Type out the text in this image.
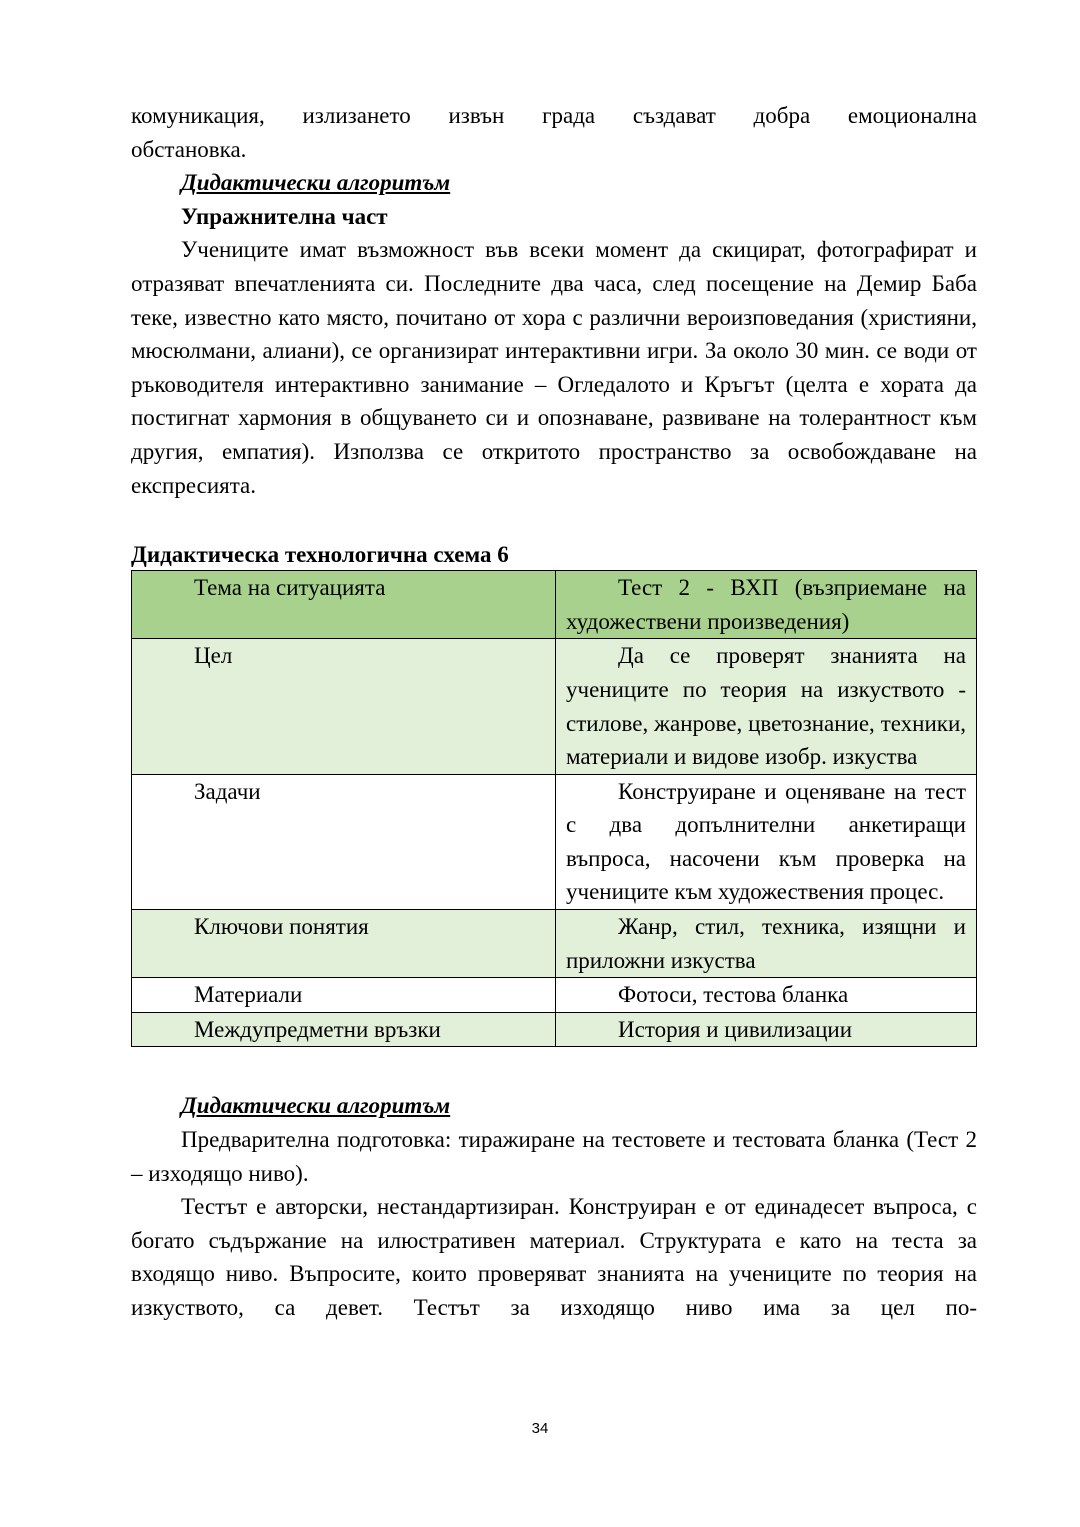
комуникация, излизането извън града създават добра емоционална

обстановка.

Дидактически алгоритъм
Упражнителна част

Учениците имат възможност във всеки момент да скицират, фотографират и отразяват впечатленията си. Последните два часа, след посещение на Демир Баба теке, известно като място, почитано от хора с различни вероизповедания (християни, мюсюлмани, алиани), се организират интерактивни игри. За около 30 мин. се води от ръководителя интерактивно занимание – Огледалото и Кръгът (целта е хората да постигнат хармония в общуването си и опознаване, развиване на толерантност към другия, емпатия). Използва се откритото пространство за освобождаване на експресията.

Дидактическа технологична схема 6
Тема на ситуацията	Тест 2 - ВХП (възприемане на художествени произведения)

Цел	Да се проверят знанията на учениците по теория на изкуството - стилове, жанрове, цветознание, техники, материали и видове изобр. изкуства

Задачи	Конструиране и оценяване на тест с два допълнителни анкетиращи въпроса, насочени към проверка на учениците към художествения процес.

Ключови понятия	Жанр, стил, техника, изящни и приложни изкуства

Материали	Фотоси, тестова бланка

Междупредметни връзки	История и цивилизации
Дидактически алгоритъм

Предварителна подготовка: тиражиране на тестовете и тестовата бланка (Тест 2 – изходящо ниво).

Тестът е авторски, нестандартизиран. Конструиран е от единадесет въпроса, с богато съдържание на илюстративен материал. Структурата е като на теста за входящо ниво. Въпросите, които проверяват знанията на учениците по теория на изкуството, са девет. Тестът за изходящо ниво има за цел по-

34
